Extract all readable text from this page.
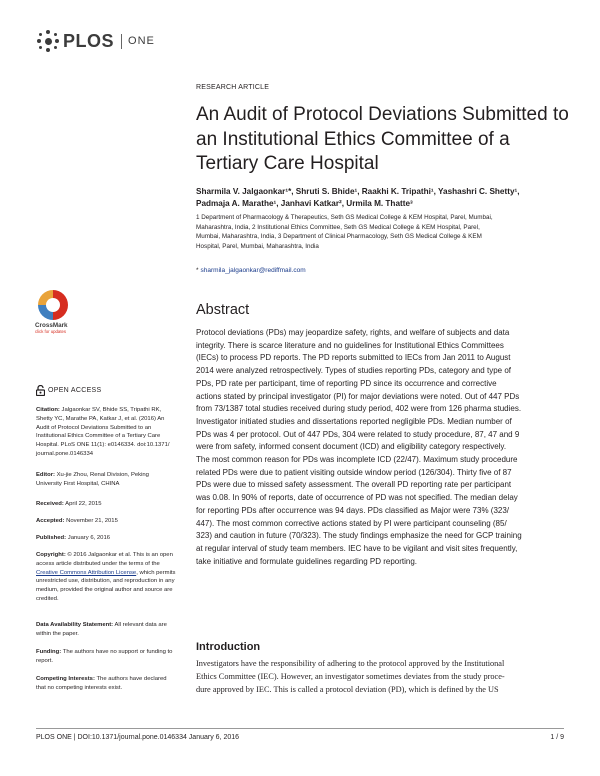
PLOS ONE
RESEARCH ARTICLE
An Audit of Protocol Deviations Submitted to
an Institutional Ethics Committee of a
Tertiary Care Hospital
Sharmila V. Jalgaonkar¹*, Shruti S. Bhide¹, Raakhi K. Tripathi¹, Yashashri C. Shetty¹,
Padmaja A. Marathe¹, Janhavi Katkar², Urmila M. Thatte³
1 Department of Pharmacology & Therapeutics, Seth GS Medical College & KEM Hospital, Parel, Mumbai,
Maharashtra, India, 2 Institutional Ethics Committee, Seth GS Medical College & KEM Hospital, Parel,
Mumbai, Maharashtra, India, 3 Department of Clinical Pharmacology, Seth GS Medical College & KEM
Hospital, Parel, Mumbai, Maharashtra, India
* sharmila_jalgaonkar@rediffmail.com
Abstract
Protocol deviations (PDs) may jeopardize safety, rights, and welfare of subjects and data
integrity. There is scarce literature and no guidelines for Institutional Ethics Committees
(IECs) to process PD reports. The PD reports submitted to IECs from Jan 2011 to August
2014 were analyzed retrospectively. Types of studies reporting PDs, category and type of
PDs, PD rate per participant, time of reporting PD since its occurrence and corrective
actions stated by principal investigator (PI) for major deviations were noted. Out of 447 PDs
from 73/1387 total studies received during study period, 402 were from 126 pharma studies.
Investigator initiated studies and dissertations reported negligible PDs. Median number of
PDs was 4 per protocol. Out of 447 PDs, 304 were related to study procedure, 87, 47 and 9
were from safety, informed consent document (ICD) and eligibility category respectively.
The most common reason for PDs was incomplete ICD (22/47). Maximum study procedure
related PDs were due to patient visiting outside window period (126/304). Thirty five of 87
PDs were due to missed safety assessment. The overall PD reporting rate per participant
was 0.08. In 90% of reports, date of occurrence of PD was not specified. The median delay
for reporting PDs after occurrence was 94 days. PDs classified as Major were 73% (323/
447). The most common corrective actions stated by PI were participant counseling (85/
323) and caution in future (70/323). The study findings emphasize the need for GCP training
at regular interval of study team members. IEC have to be vigilant and visit sites frequently,
take initiative and formulate guidelines regarding PD reporting.
Introduction
Investigators have the responsibility of adhering to the protocol approved by the Institutional
Ethics Committee (IEC). However, an investigator sometimes deviates from the study proce-
dure approved by IEC. This is called a protocol deviation (PD), which is defined by the US
CrossMark
click for updates
OPEN ACCESS
Citation: Jalgaonkar SV, Bhide SS, Tripathi RK,
Shetty YC, Marathe PA, Katkar J, et al. (2016) An
Audit of Protocol Deviations Submitted to an
Institutional Ethics Committee of a Tertiary Care
Hospital. PLoS ONE 11(1): e0146334. doi:10.1371/
journal.pone.0146334
Editor: Xu-jie Zhou, Renal Division, Peking
University First Hospital, CHINA
Received: April 22, 2015
Accepted: November 21, 2015
Published: January 6, 2016
Copyright: © 2016 Jalgaonkar et al. This is an open
access article distributed under the terms of the
Creative Commons Attribution License, which permits
unrestricted use, distribution, and reproduction in any
medium, provided the original author and source are
credited.
Data Availability Statement: All relevant data are
within the paper.
Funding: The authors have no support or funding to
report.
Competing Interests: The authors have declared
that no competing interests exist.
PLOS ONE | DOI:10.1371/journal.pone.0146334 January 6, 2016	1 / 9
